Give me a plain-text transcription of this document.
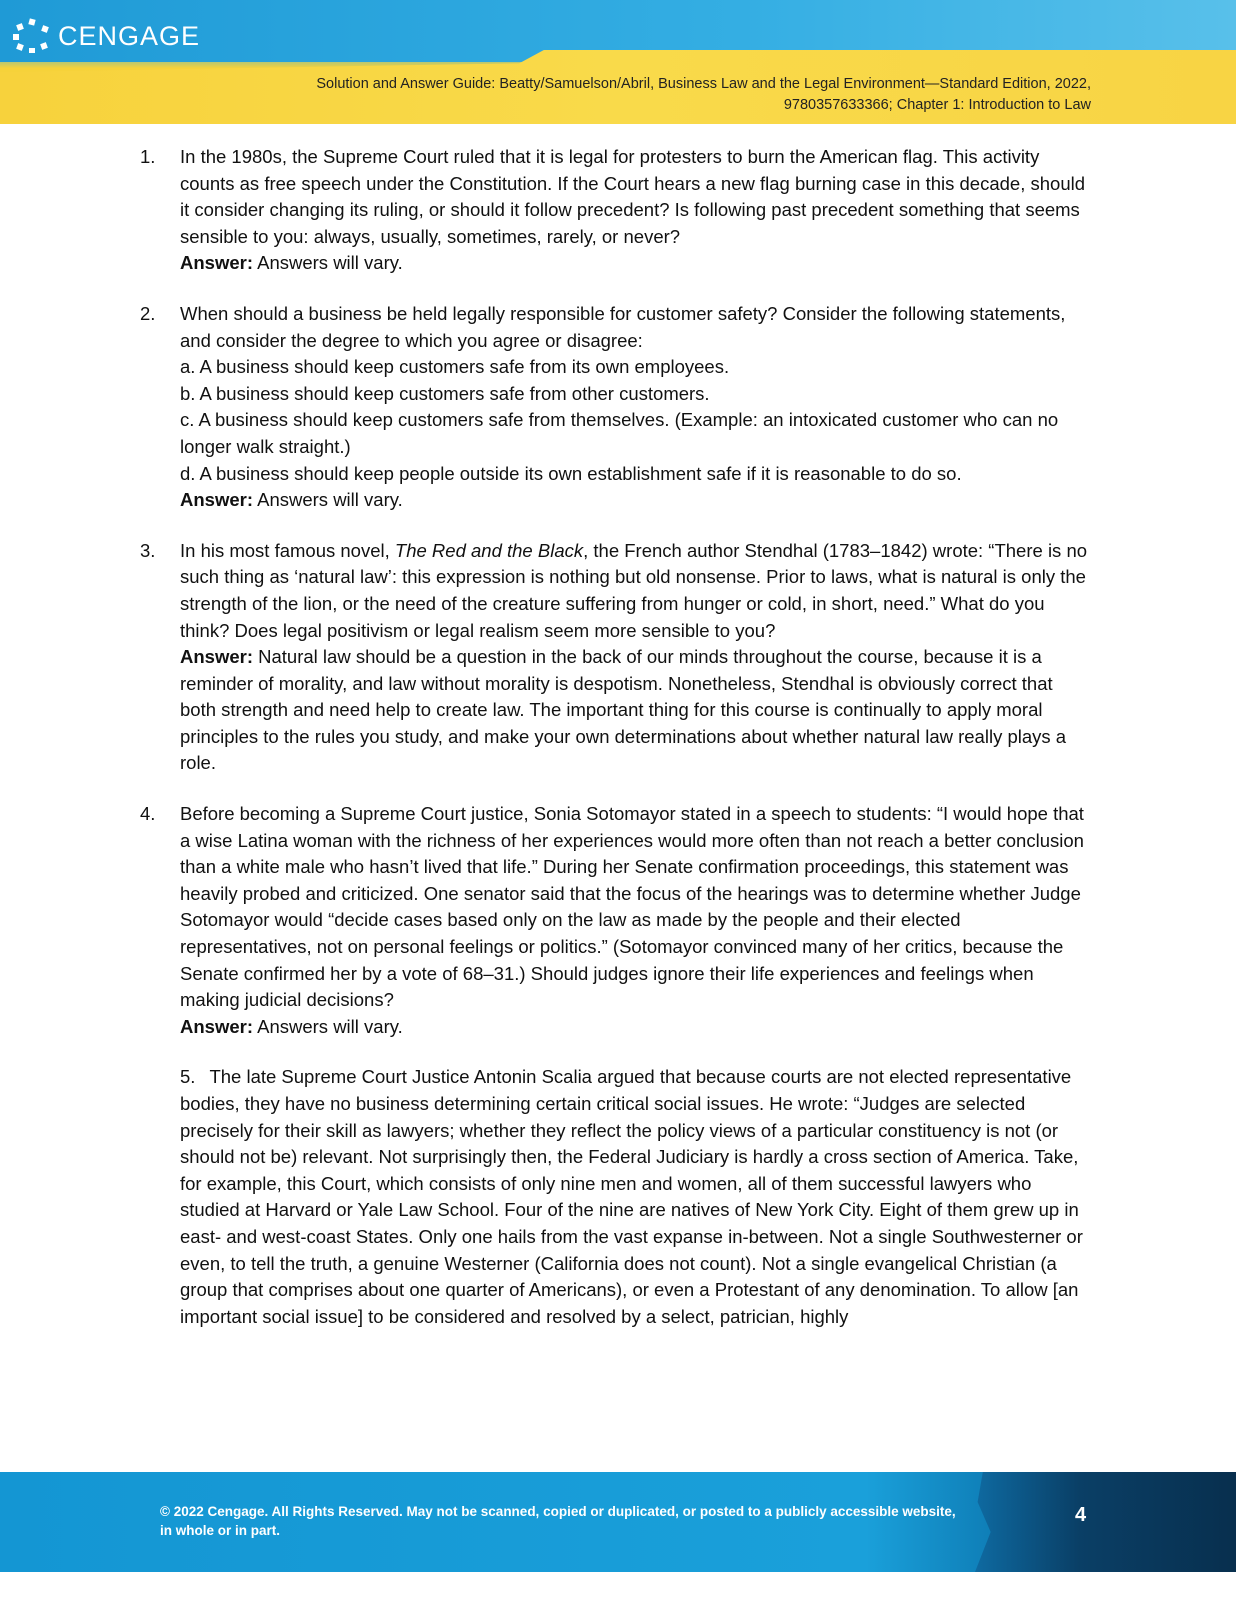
CENGAGE
Solution and Answer Guide: Beatty/Samuelson/Abril, Business Law and the Legal Environment—Standard Edition, 2022,
9780357633366; Chapter 1: Introduction to Law
1.	In the 1980s, the Supreme Court ruled that it is legal for protesters to burn the American flag. This activity counts as free speech under the Constitution. If the Court hears a new flag burning case in this decade, should it consider changing its ruling, or should it follow precedent? Is following past precedent something that seems sensible to you: always, usually, sometimes, rarely, or never?

Answer: Answers will vary.

2.	When should a business be held legally responsible for customer safety? Consider the following statements, and consider the degree to which you agree or disagree:

a. A business should keep customers safe from its own employees.

b. A business should keep customers safe from other customers.

c. A business should keep customers safe from themselves. (Example: an intoxicated customer who can no longer walk straight.)

d. A business should keep people outside its own establishment safe if it is reasonable to do so.

Answer: Answers will vary.

3.	In his most famous novel, The Red and the Black, the French author Stendhal (1783–1842) wrote: “There is no such thing as ‘natural law’: this expression is nothing but old nonsense. Prior to laws, what is natural is only the strength of the lion, or the need of the creature suffering from hunger or cold, in short, need.” What do you think? Does legal positivism or legal realism seem more sensible to you?

Answer: Natural law should be a question in the back of our minds throughout the course, because it is a reminder of morality, and law without morality is despotism. Nonetheless, Stendhal is obviously correct that both strength and need help to create law. The important thing for this course is continually to apply moral principles to the rules you study, and make your own determinations about whether natural law really plays a role.

4.	Before becoming a Supreme Court justice, Sonia Sotomayor stated in a speech to students: “I would hope that a wise Latina woman with the richness of her experiences would more often than not reach a better conclusion than a white male who hasn’t lived that life.” During her Senate confirmation proceedings, this statement was heavily probed and criticized. One senator said that the focus of the hearings was to determine whether Judge Sotomayor would “decide cases based only on the law as made by the people and their elected representatives, not on personal feelings or politics.” (Sotomayor convinced many of her critics, because the Senate confirmed her by a vote of 68–31.) Should judges ignore their life experiences and feelings when making judicial decisions?

Answer: Answers will vary.

5. The late Supreme Court Justice Antonin Scalia argued that because courts are not elected representative bodies, they have no business determining certain critical social issues. He wrote: “Judges are selected precisely for their skill as lawyers; whether they reflect the policy views of a particular constituency is not (or should not be) relevant. Not surprisingly then, the Federal Judiciary is hardly a cross section of America. Take, for example, this Court, which consists of only nine men and women, all of them successful lawyers who studied at Harvard or Yale Law School. Four of the nine are natives of New York City. Eight of them grew up in east- and west-coast States. Only one hails from the vast expanse in-between. Not a single Southwesterner or even, to tell the truth, a genuine Westerner (California does not count). Not a single evangelical Christian (a group that comprises about one quarter of Americans), or even a Protestant of any denomination. To allow [an important social issue] to be considered and resolved by a select, patrician, highly

© 2022 Cengage. All Rights Reserved. May not be scanned, copied or duplicated, or posted to a publicly accessible website, in whole or in part.
4
